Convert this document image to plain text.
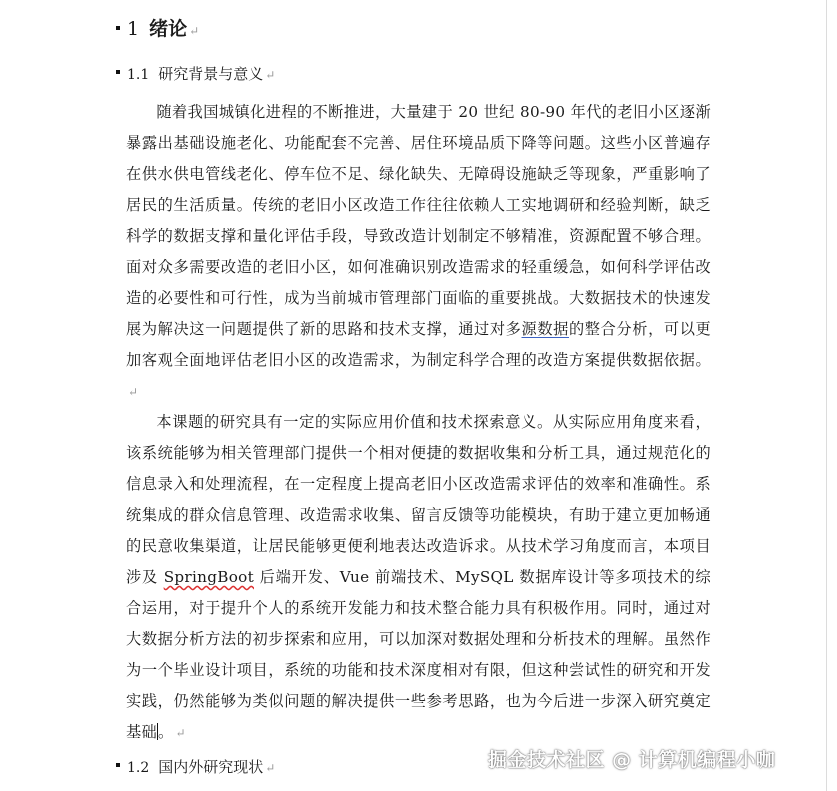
1 绪论 ↵
1.1 研究背景与意义 ↵

随着我国城镇化进程的不断推进，大量建于 20 世纪 80-90 年代的老旧小区逐渐暴露出基础设施老化、功能配套不完善、居住环境品质下降等问题。这些小区普遍存在供水供电管线老化、停车位不足、绿化缺失、无障碍设施缺乏等现象，严重影响了居民的生活质量。传统的老旧小区改造工作往往依赖人工实地调研和经验判断，缺乏科学的数据支撑和量化评估手段，导致改造计划制定不够精准，资源配置不够合理。面对众多需要改造的老旧小区，如何准确识别改造需求的轻重缓急，如何科学评估改造的必要性和可行性，成为当前城市管理部门面临的重要挑战。大数据技术的快速发展为解决这一问题提供了新的思路和技术支撑，通过对多源数据的整合分析，可以更加客观全面地评估老旧小区的改造需求，为制定科学合理的改造方案提供数据依据。↵

本课题的研究具有一定的实际应用价值和技术探索意义。从实际应用角度来看，该系统能够为相关管理部门提供一个相对便捷的数据收集和分析工具，通过规范化的信息录入和处理流程，在一定程度上提高老旧小区改造需求评估的效率和准确性。系统集成的群众信息管理、改造需求收集、留言反馈等功能模块，有助于建立更加畅通的民意收集渠道，让居民能够更便利地表达改造诉求。从技术学习角度而言，本项目涉及 SpringBoot 后端开发、Vue 前端技术、MySQL 数据库设计等多项技术的综合运用，对于提升个人的系统开发能力和技术整合能力具有积极作用。同时，通过对大数据分析方法的初步探索和应用，可以加深对数据处理和分析技术的理解。虽然作为一个毕业设计项目，系统的功能和技术深度相对有限，但这种尝试性的研究和开发实践，仍然能够为类似问题的解决提供一些参考思路，也为今后进一步深入研究奠定基础。 ↵

1.2 国内外研究现状 ↵	掘金技术社区 @ 计算机编程小咖
